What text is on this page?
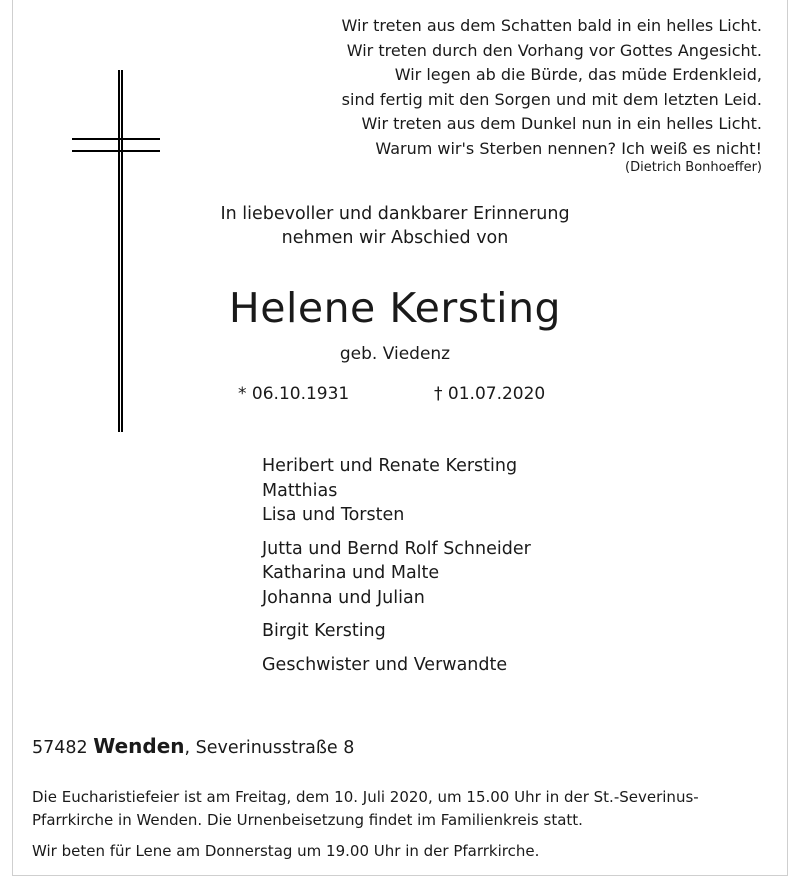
Wir treten aus dem Schatten bald in ein helles Licht.
Wir treten durch den Vorhang vor Gottes Angesicht.
Wir legen ab die Bürde, das müde Erdenkleid,
sind fertig mit den Sorgen und mit dem letzten Leid.
Wir treten aus dem Dunkel nun in ein helles Licht.
Warum wir's Sterben nennen? Ich weiß es nicht!
(Dietrich Bonhoeffer)
In liebevoller und dankbarer Erinnerung
nehmen wir Abschied von
Helene Kersting
geb. Viedenz
* 06.10.1931	† 01.07.2020
Heribert und Renate Kersting
Matthias
Lisa und Torsten
Jutta und Bernd Rolf Schneider
Katharina und Malte
Johanna und Julian
Birgit Kersting
Geschwister und Verwandte
57482 Wenden, Severinusstraße 8
Die Eucharistiefeier ist am Freitag, dem 10. Juli 2020, um 15.00 Uhr in der St.-Severinus-Pfarrkirche in Wenden. Die Urnenbeisetzung findet im Familienkreis statt.
Wir beten für Lene am Donnerstag um 19.00 Uhr in der Pfarrkirche.
